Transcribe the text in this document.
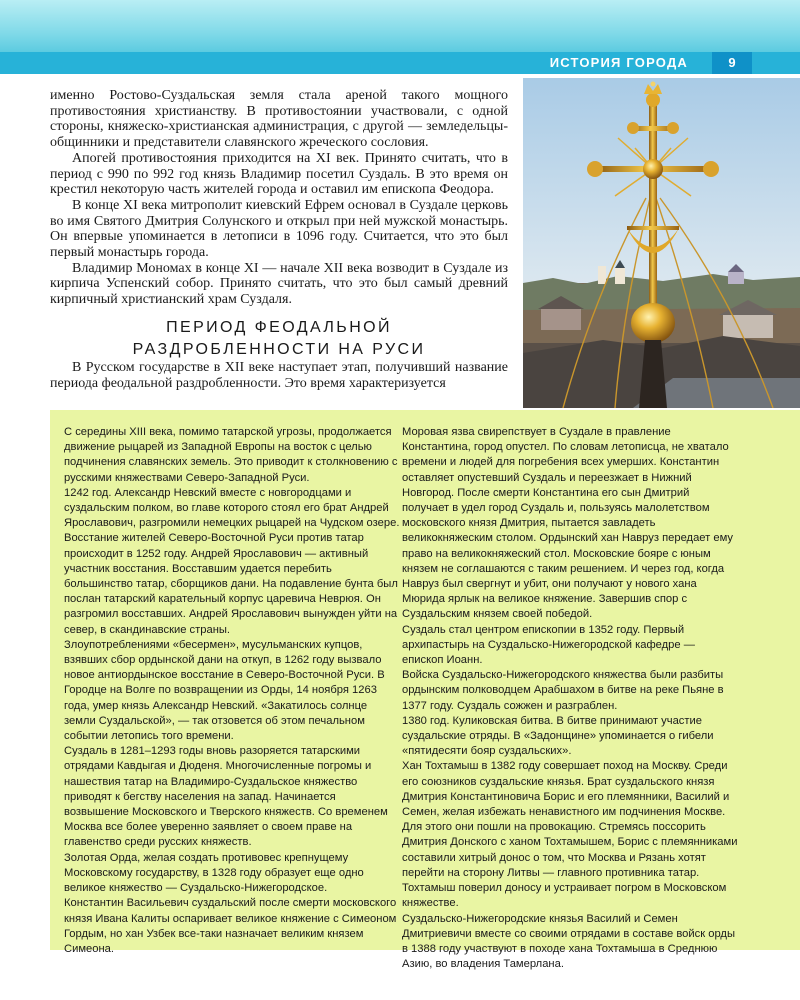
ИСТОРИЯ ГОРОДА	9

именно Ростово-Суздальская земля стала ареной такого мощного противостояния христианству. В противостоянии участвовали, с одной стороны, княжеско-христианская администрация, с другой — земледельцы-общинники и представители славянского жреческого сословия.

Апогей противостояния приходится на XI век. Принято считать, что в период с 990 по 992 год князь Владимир посетил Суздаль. В это время он крестил некоторую часть жителей города и оставил им епископа Феодора.

В конце XI века митрополит киевский Ефрем основал в Суздале церковь во имя Святого Дмитрия Солунского и открыл при ней мужской монастырь. Он впервые упоминается в летописи в 1096 году. Считается, что это был первый монастырь города.

Владимир Мономах в конце XI — начале XII века возводит в Суздале из кирпича Успенский собор. Принято считать, что это был самый древний кирпичный христианский храм Суздаля.

ПЕРИОД ФЕОДАЛЬНОЙ
РАЗДРОБЛЕННОСТИ НА РУСИ

В Русском государстве в XII веке наступает этап, получивший название периода феодальной раздробленности. Это время характеризуется

С середины XIII века, помимо татарской угрозы, продолжается движение рыцарей из Западной Европы на восток с целью подчинения славянских земель. Это приводит к столкновению с русскими княжествами Северо-Западной Руси.

1242 год. Александр Невский вместе с новгородцами и суздальским полком, во главе которого стоял его брат Андрей Ярославович, разгромили немецких рыцарей на Чудском озере.

Восстание жителей Северо-Восточной Руси против татар происходит в 1252 году. Андрей Ярославович — активный участник восстания. Восставшим удается перебить большинство татар, сборщиков дани. На подавление бунта был послан татарский карательный корпус царевича Неврюя. Он разгромил восставших. Андрей Ярославович вынужден уйти на север, в скандинавские страны.

Злоупотреблениями «бесермен», мусульманских купцов, взявших сбор ордынской дани на откуп, в 1262 году вызвало новое антиордынское восстание в Северо-Восточной Руси. В Городце на Волге по возвращении из Орды, 14 ноября 1263 года, умер князь Александр Невский. «Закатилось солнце земли Суздальской», — так отзовется об этом печальном событии летопись того времени.

Суздаль в 1281–1293 годы вновь разоряется татарскими отрядами Кавдыгая и Дюденя. Многочисленные погромы и нашествия татар на Владимиро-Суздальское княжество приводят к бегству населения на запад. Начинается возвышение Московского и Тверского княжеств. Со временем Москва все более уверенно заявляет о своем праве на главенство среди русских княжеств.

Золотая Орда, желая создать противовес крепнущему Московскому государству, в 1328 году образует еще одно великое княжество — Суздальско-Нижегородское.

Константин Васильевич суздальский после смерти московского князя Ивана Калиты оспаривает великое княжение с Симеоном Гордым, но хан Узбек все-таки назначает великим князем Симеона.

Моровая язва свирепствует в Суздале в правление Константина, город опустел. По словам летописца, не хватало времени и людей для погребения всех умерших. Константин оставляет опустевший Суздаль и переезжает в Нижний Новгород. После смерти Константина его сын Дмитрий получает в удел город Суздаль и, пользуясь малолетством московского князя Дмитрия, пытается завладеть великокняжеским столом. Ордынский хан Навруз передает ему право на великокняжеский стол. Московские бояре с юным князем не соглашаются с таким решением. И через год, когда Навруз был свергнут и убит, они получают у нового хана Мюрида ярлык на великое княжение. Завершив спор с Суздальским князем своей победой.

Суздаль стал центром епископии в 1352 году. Первый архипастырь на Суздальско-Нижегородской кафедре — епископ Иоанн.

Войска Суздальско-Нижегородского княжества были разбиты ордынским полководцем Арабшахом в битве на реке Пьяне в 1377 году. Суздаль сожжен и разграблен.

1380 год. Куликовская битва. В битве принимают участие суздальские отряды. В «Задонщине» упоминается о гибели «пятидесяти бояр суздальских».

Хан Тохтамыш в 1382 году совершает поход на Москву. Среди его союзников суздальские князья. Брат суздальского князя Дмитрия Константиновича Борис и его племянники, Василий и Семен, желая избежать ненавистного им подчинения Москве. Для этого они пошли на провокацию. Стремясь поссорить Дмитрия Донского с ханом Тохтамышем, Борис с племянниками составили хитрый донос о том, что Москва и Рязань хотят перейти на сторону Литвы — главного противника татар. Тохтамыш поверил доносу и устраивает погром в Московском княжестве.

Суздальско-Нижегородские князья Василий и Семен Дмитриевичи вместе со своими отрядами в составе войск орды в 1388 году участвуют в походе хана Тохтамыша в Среднюю Азию, во владения Тамерлана.
